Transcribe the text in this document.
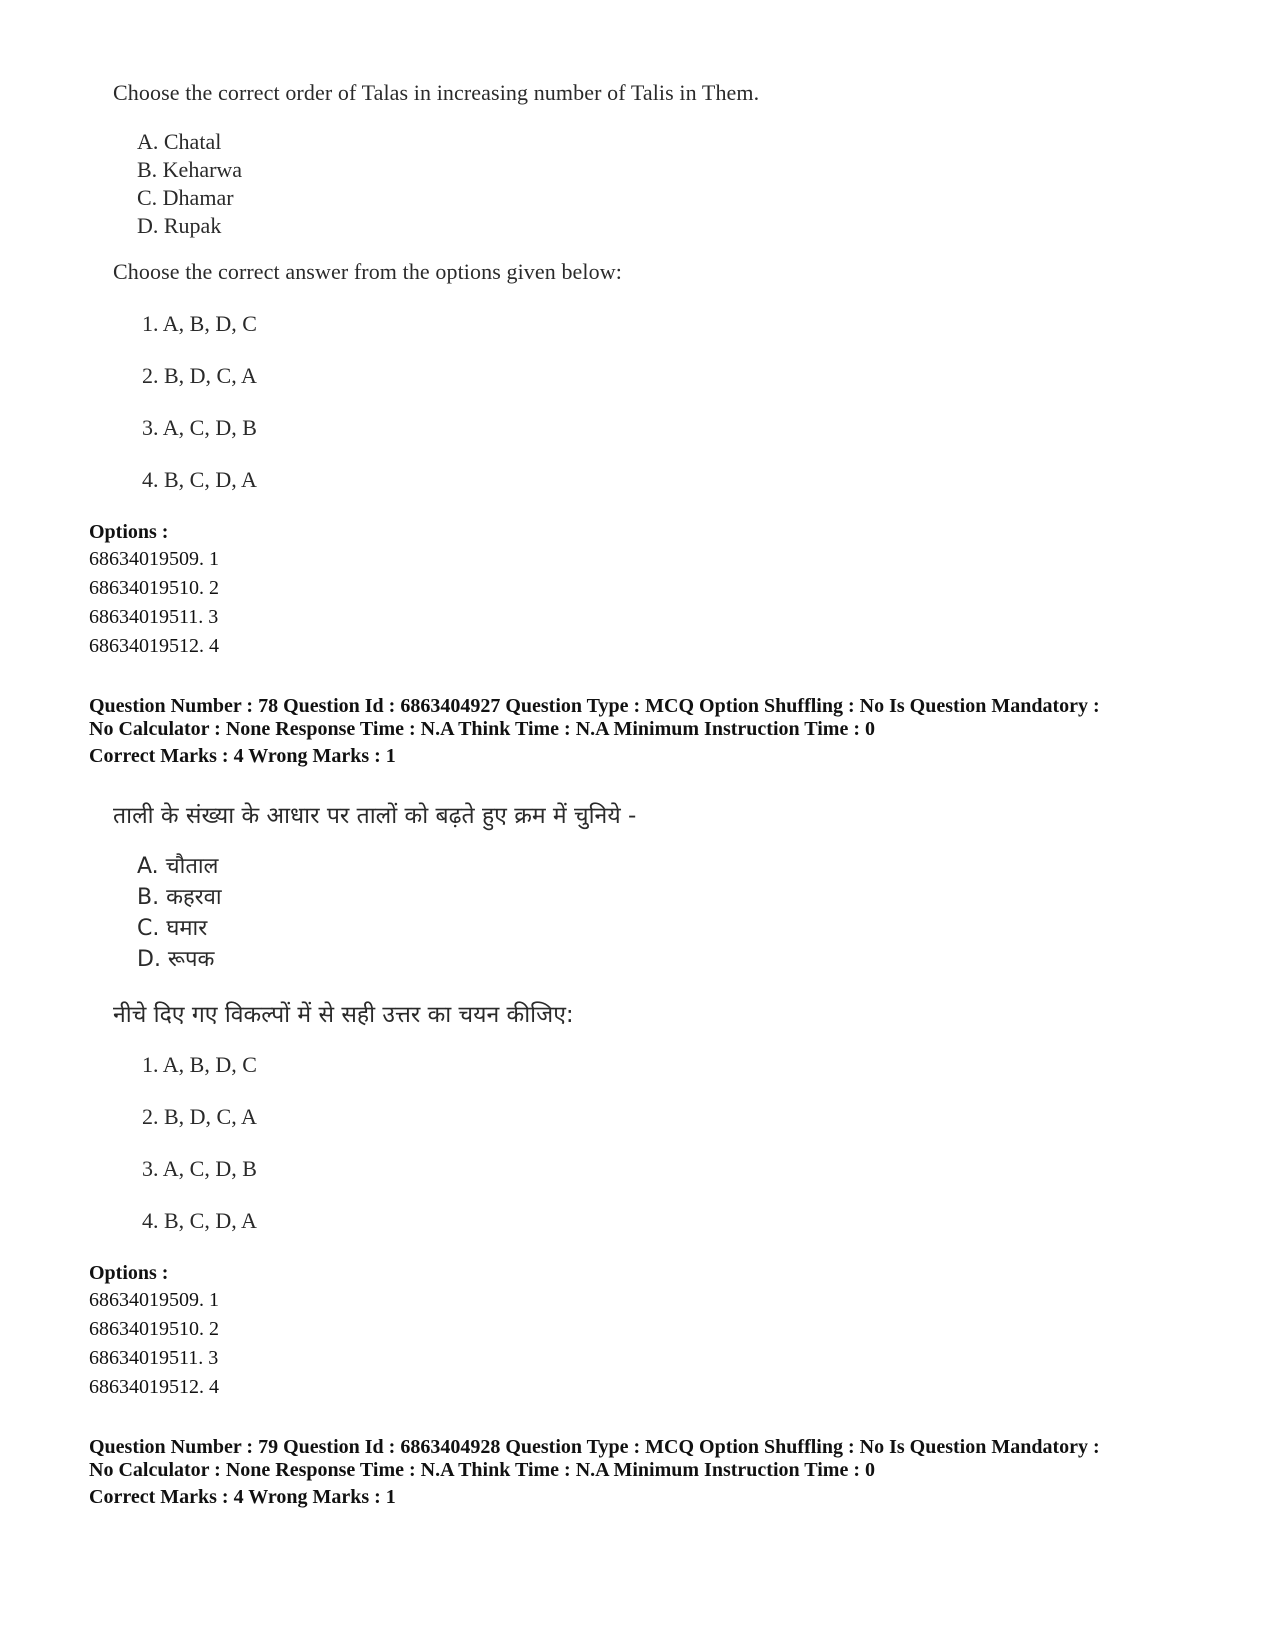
Choose the correct order of Talas in increasing number of Talis in Them.
A. Chatal
B. Keharwa
C. Dhamar
D. Rupak
Choose the correct answer from the options given below:
1. A, B, D, C
2. B, D, C, A
3. A, C, D, B
4. B, C, D, A
Options :
68634019509. 1
68634019510. 2
68634019511. 3
68634019512. 4
Question Number : 78 Question Id : 6863404927 Question Type : MCQ Option Shuffling : No Is Question Mandatory :
No Calculator : None Response Time : N.A Think Time : N.A Minimum Instruction Time : 0
Correct Marks : 4 Wrong Marks : 1
ताली के संख्या के आधार पर तालों को बढ़ते हुए क्रम में चुनिये -
A. चौताल
B. कहरवा
C. घमार
D. रूपक
नीचे दिए गए विकल्पों में से सही उत्तर का चयन कीजिए:
1. A, B, D, C
2. B, D, C, A
3. A, C, D, B
4. B, C, D, A
Options :
68634019509. 1
68634019510. 2
68634019511. 3
68634019512. 4
Question Number : 79 Question Id : 6863404928 Question Type : MCQ Option Shuffling : No Is Question Mandatory :
No Calculator : None Response Time : N.A Think Time : N.A Minimum Instruction Time : 0
Correct Marks : 4 Wrong Marks : 1
